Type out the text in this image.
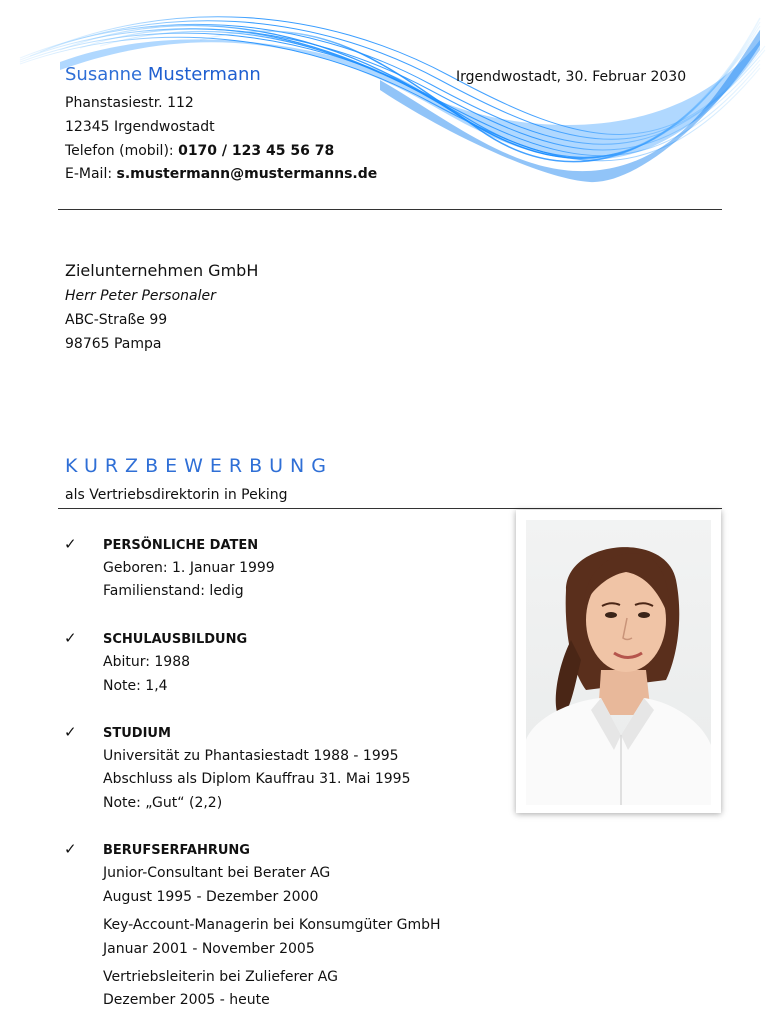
Susanne Mustermann	Irgendwostadt, 30. Februar 2030
Phanstasiestr. 112
12345 Irgendwostadt
Telefon (mobil): 0170 / 123 45 56 78
E-Mail: s.mustermann@mustermanns.de
Zielunternehmen GmbH
Herr Peter Personaler
ABC-Straße 99
98765 Pampa
KURZBEWERBUNG
als Vertriebsdirektorin in Peking
✓ PERSÖNLICHE DATEN
Geboren: 1. Januar 1999
Familienstand: ledig
✓ SCHULAUSBILDUNG
Abitur: 1988
Note: 1,4
✓ STUDIUM
Universität zu Phantasiestadt 1988 - 1995
Abschluss als Diplom Kauffrau 31. Mai 1995
Note: „Gut“ (2,2)
✓ BERUFSERFAHRUNG
Junior-Consultant bei Berater AG
August 1995 - Dezember 2000
Key-Account-Managerin bei Konsumgüter GmbH
Januar 2001 - November 2005
Vertriebsleiterin bei Zulieferer AG
Dezember 2005 - heute
